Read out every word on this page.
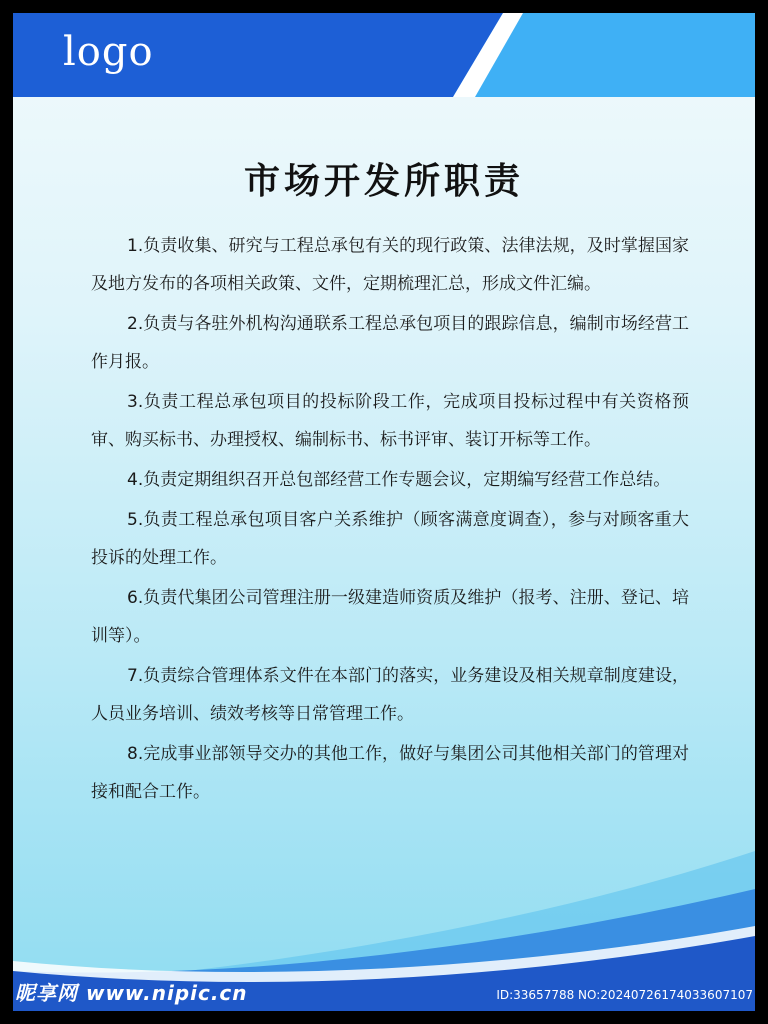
logo
市场开发所职责

1.负责收集、研究与工程总承包有关的现行政策、法律法规，及时掌握国家及地方发布的各项相关政策、文件，定期梳理汇总，形成文件汇编。

2.负责与各驻外机构沟通联系工程总承包项目的跟踪信息，编制市场经营工作月报。

3.负责工程总承包项目的投标阶段工作，完成项目投标过程中有关资格预审、购买标书、办理授权、编制标书、标书评审、装订开标等工作。

4.负责定期组织召开总包部经营工作专题会议，定期编写经营工作总结。

5.负责工程总承包项目客户关系维护（顾客满意度调查），参与对顾客重大投诉的处理工作。

6.负责代集团公司管理注册一级建造师资质及维护（报考、注册、登记、培训等）。

7.负责综合管理体系文件在本部门的落实，业务建设及相关规章制度建设，人员业务培训、绩效考核等日常管理工作。

8.完成事业部领导交办的其他工作，做好与集团公司其他相关部门的管理对接和配合工作。

昵享网 www.nipic.cn	ID:33657788 NO:20240726174033607107
